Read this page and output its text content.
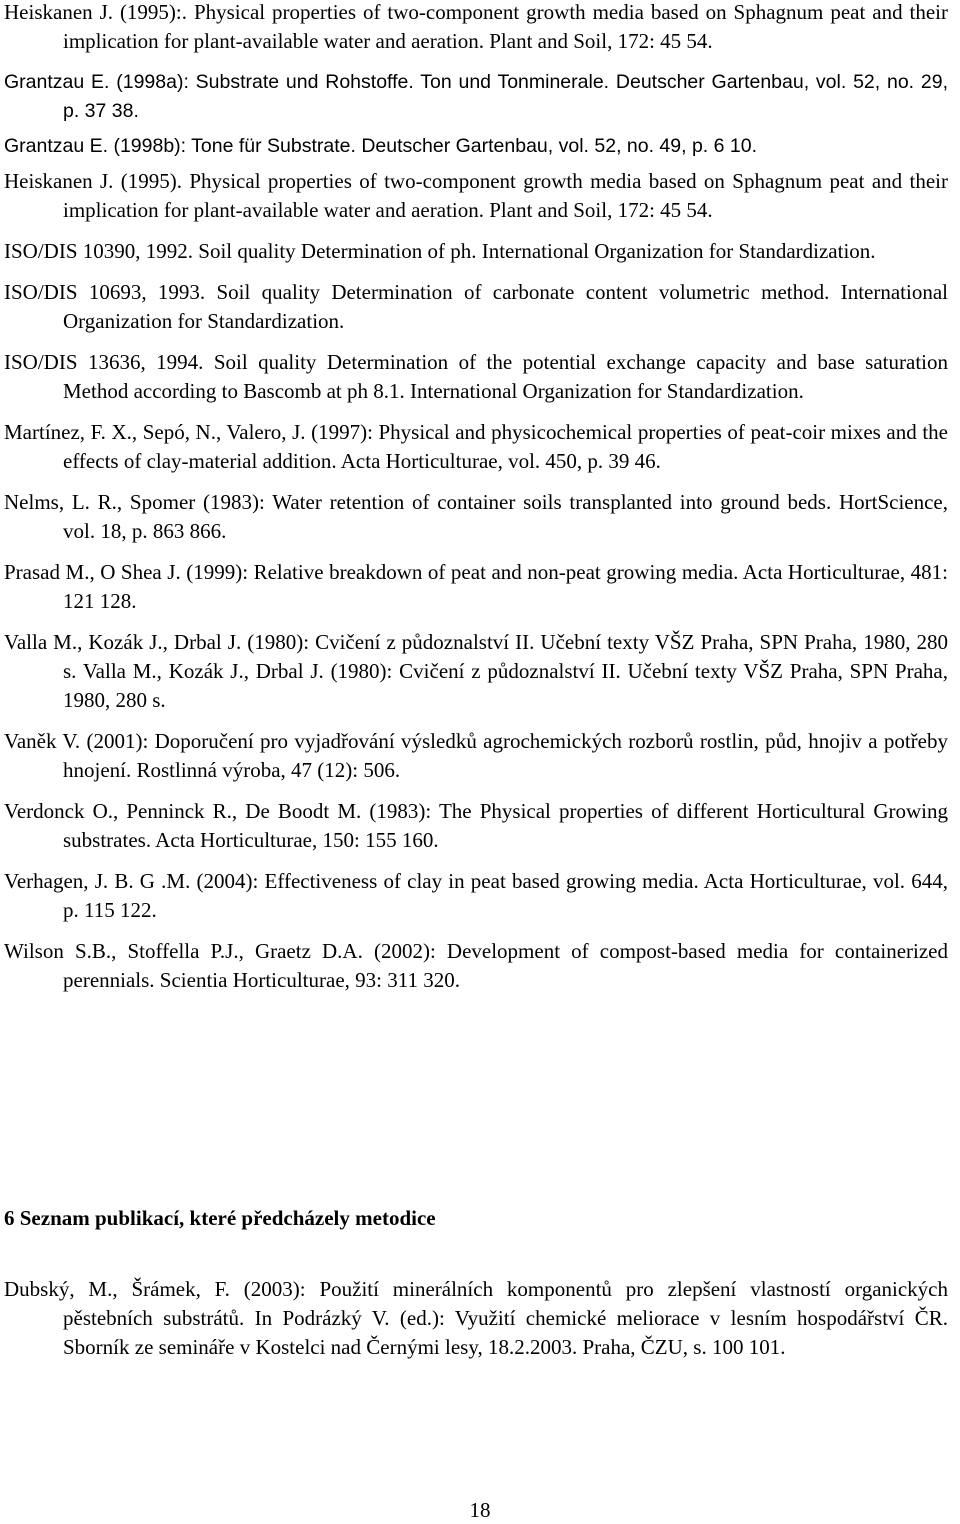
Heiskanen J. (1995):. Physical properties of two-component growth media based on Sphagnum peat and their implication for plant-available water and aeration. Plant and Soil, 172: 45 54.

Grantzau E. (1998a): Substrate und Rohstoffe. Ton und Tonminerale. Deutscher Gartenbau, vol. 52, no. 29, p. 37 38.

Grantzau E. (1998b): Tone für Substrate. Deutscher Gartenbau, vol. 52, no. 49, p. 6 10.

Heiskanen J. (1995). Physical properties of two-component growth media based on Sphagnum peat and their implication for plant-available water and aeration. Plant and Soil, 172: 45 54.

ISO/DIS 10390, 1992. Soil quality Determination of ph. International Organization for Standardization.

ISO/DIS 10693, 1993. Soil quality Determination of carbonate content volumetric method. International Organization for Standardization.

ISO/DIS 13636, 1994. Soil quality Determination of the potential exchange capacity and base saturation Method according to Bascomb at ph 8.1. International Organization for Standardization.

Martínez, F. X., Sepó, N., Valero, J. (1997): Physical and physicochemical properties of peat-coir mixes and the effects of clay-material addition. Acta Horticulturae, vol. 450, p. 39 46.

Nelms, L. R., Spomer (1983): Water retention of container soils transplanted into ground beds. HortScience, vol. 18, p. 863 866.

Prasad M., O Shea J. (1999): Relative breakdown of peat and non-peat growing media. Acta Horticulturae, 481: 121 128.

Valla M., Kozák J., Drbal J. (1980): Cvičení z půdoznalství II. Učební texty VŠZ Praha, SPN Praha, 1980, 280 s. Valla M., Kozák J., Drbal J. (1980): Cvičení z půdoznalství II. Učební texty VŠZ Praha, SPN Praha, 1980, 280 s.

Vaněk V. (2001): Doporučení pro vyjadřování výsledků agrochemických rozborů rostlin, půd, hnojiv a potřeby hnojení. Rostlinná výroba, 47 (12): 506.

Verdonck O., Penninck R., De Boodt M. (1983): The Physical properties of different Horticultural Growing substrates. Acta Horticulturae, 150: 155 160.

Verhagen, J. B. G .M. (2004): Effectiveness of clay in peat based growing media. Acta Horticulturae, vol. 644, p. 115 122.

Wilson S.B., Stoffella P.J., Graetz D.A. (2002): Development of compost-based media for containerized perennials. Scientia Horticulturae, 93: 311 320.

6 Seznam publikací, které předcházely metodice

Dubský, M., Šrámek, F. (2003): Použití minerálních komponentů pro zlepšení vlastností organických pěstebních substrátů. In Podrázký V. (ed.): Využití chemické meliorace v lesním hospodářství ČR. Sborník ze semináře v Kostelci nad Černými lesy, 18.2.2003. Praha, ČZU, s. 100 101.

18
